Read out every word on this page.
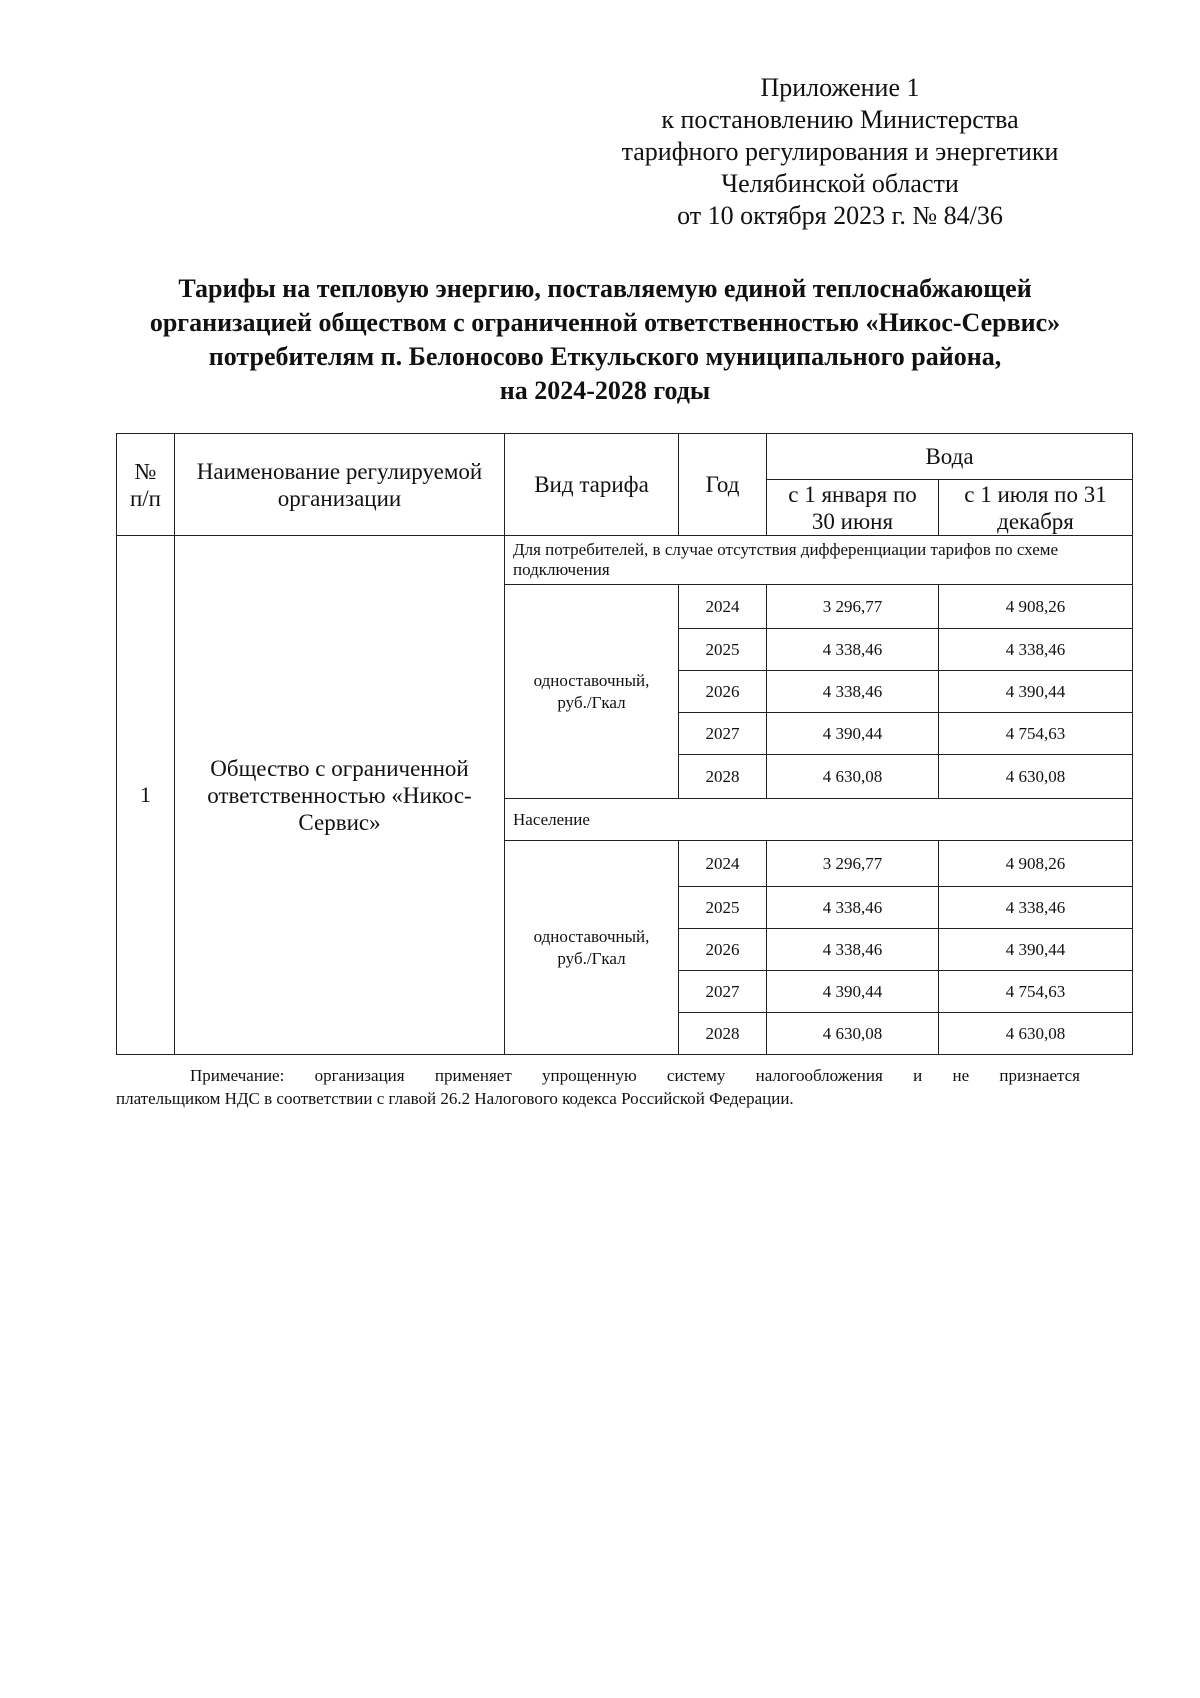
Приложение 1
к постановлению Министерства
тарифного регулирования и энергетики
Челябинской области
от 10 октября 2023 г. № 84/36
Тарифы на тепловую энергию, поставляемую единой теплоснабжающей
организацией обществом с ограниченной ответственностью «Никос-Сервис»
потребителям п. Белоносово Еткульского муниципального района,
на 2024-2028 годы
№ п/п	Наименование регулируемой организации	Вид тарифа	Год	Вода	
				с 1 января по 30 июня	с 1 июля по 31 декабря
1	Общество с ограниченной ответственностью «Никос-Сервис»	Для потребителей, в случае отсутствия дифференциации тарифов по схеме подключения			
		одноставочный, руб./Гкал	2024	3 296,77	4 908,26
			2025	4 338,46	4 338,46
			2026	4 338,46	4 390,44
			2027	4 390,44	4 754,63
			2028	4 630,08	4 630,08
		Население			
		одноставочный, руб./Гкал	2024	3 296,77	4 908,26
			2025	4 338,46	4 338,46
			2026	4 338,46	4 390,44
			2027	4 390,44	4 754,63
			2028	4 630,08	4 630,08
Примечание: организация применяет упрощенную систему налогообложения и не признается
плательщиком НДС в соответствии с главой 26.2 Налогового кодекса Российской Федерации.
